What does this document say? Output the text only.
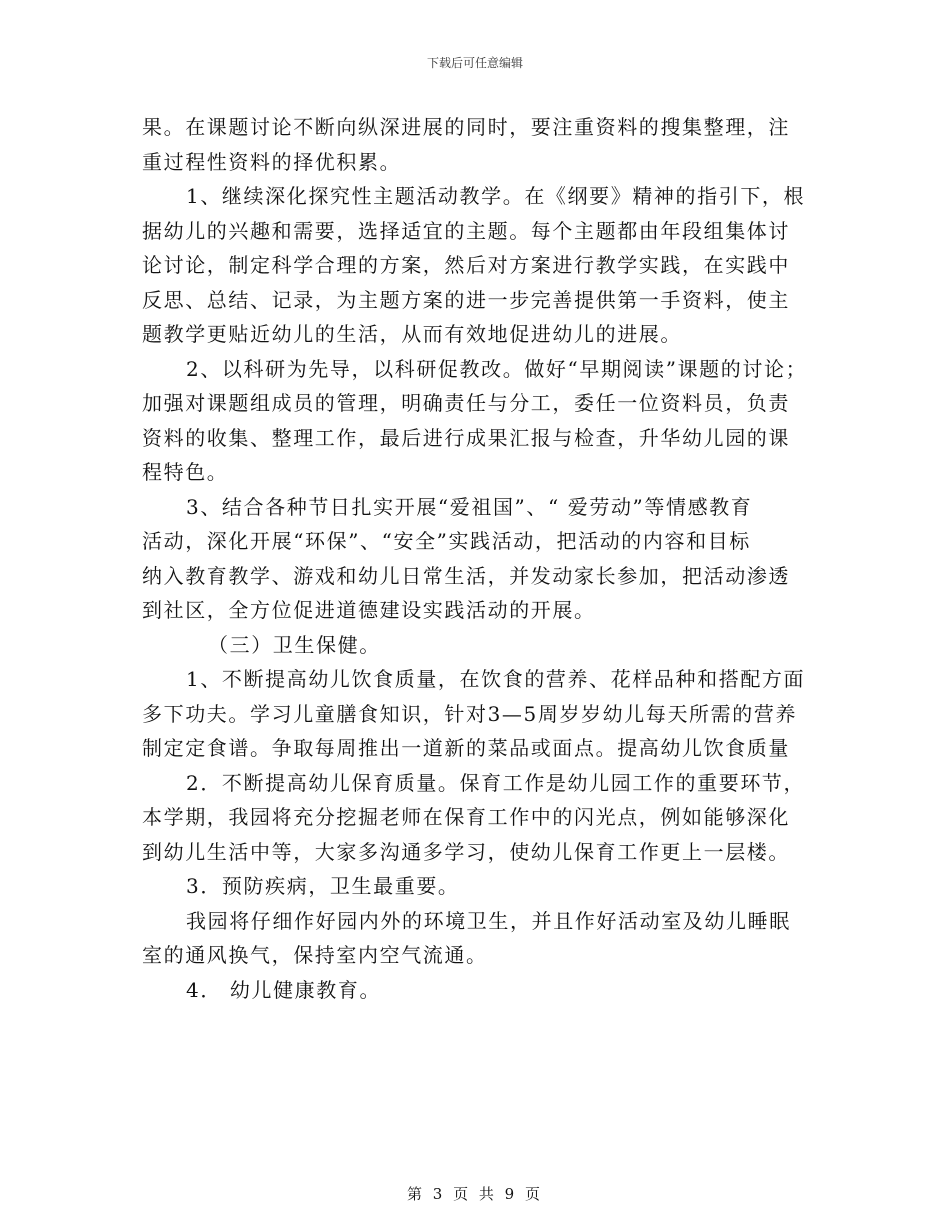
下载后可任意编辑
果。在课题讨论不断向纵深进展的同时，要注重资料的搜集整理，注
重过程性资料的择优积累。
1、继续深化探究性主题活动教学。在《纲要》精神的指引下，根
据幼儿的兴趣和需要，选择适宜的主题。每个主题都由年段组集体讨
论讨论，制定科学合理的方案，然后对方案进行教学实践，在实践中
反思、总结、记录，为主题方案的进一步完善提供第一手资料，使主
题教学更贴近幼儿的生活，从而有效地促进幼儿的进展。
2、以科研为先导，以科研促教改。做好“早期阅读”课题的讨论；
加强对课题组成员的管理，明确责任与分工，委任一位资料员，负责
资料的收集、整理工作，最后进行成果汇报与检查，升华幼儿园的课
程特色。
3、结合各种节日扎实开展“爱祖国”、“ 爱劳动”等情感教育
活动，深化开展“环保”、“安全”实践活动，把活动的内容和目标
纳入教育教学、游戏和幼儿日常生活，并发动家长参加，把活动渗透
到社区，全方位促进道德建设实践活动的开展。
（三）卫生保健。
1、不断提高幼儿饮食质量，在饮食的营养、花样品种和搭配方面
多下功夫。学习儿童膳食知识，针对3—5周岁岁幼儿每天所需的营养
制定定食谱。争取每周推出一道新的菜品或面点。提高幼儿饮食质量
2．不断提高幼儿保育质量。保育工作是幼儿园工作的重要环节，
本学期，我园将充分挖掘老师在保育工作中的闪光点，例如能够深化
到幼儿生活中等，大家多沟通多学习，使幼儿保育工作更上一层楼。
3．预防疾病，卫生最重要。
我园将仔细作好园内外的环境卫生，并且作好活动室及幼儿睡眠
室的通风换气，保持室内空气流通。
4． 幼儿健康教育。
第 3 页 共 9 页
